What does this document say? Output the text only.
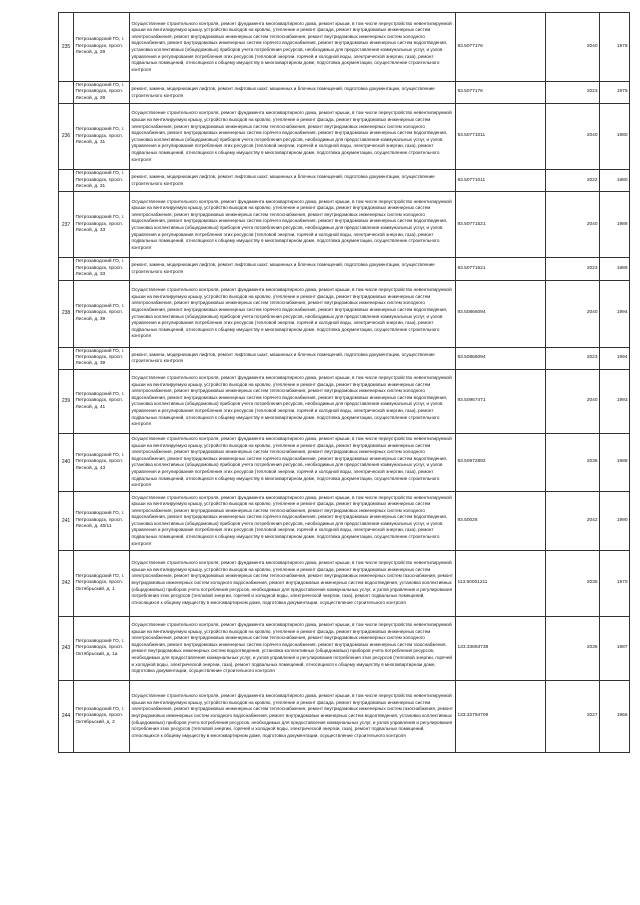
235	Петрозаводский ГО, г. Петрозаводск, просп. Лесной, д. 29	Осуществление строительного контроля, ремонт фундамента многоквартирного дома, ремонт крыши, в том числе переустройство невентилируемой крыши на вентилируемую крышу, устройство выходов на кровлю, утепление и ремонт фасада, ремонт внутридомовых инженерных систем электроснабжения, ремонт внутридомовых инженерных систем теплоснабжения, ремонт внутридомовых инженерных систем холодного водоснабжения, ремонт внутридомовых инженерных систем горячего водоснабжения, ремонт внутридомовых инженерных систем водоотведения, установка коллективных (общедомовых) приборов учета потребления ресурсов, необходимых для предоставления коммунальных услуг, и узлов управления и регулирования потребления этих ресурсов (тепловой энергии, горячей и холодной воды, электрической энергии, газа), ремонт подвальных помещений, относящихся к общему имуществу в многоквартирном доме, подготовка документации, осуществление строительного контроля	93.5077176	2040	1979
	Петрозаводский ГО, г. Петрозаводск, просп. Лесной, д. 29	ремонт, замена, модернизация лифтов, ремонт лифтовых шахт, машинных и блочных помещений, подготовка документации, осуществление строительного контроля	93.5077176	2023	1979
236	Петрозаводский ГО, г. Петрозаводск, просп. Лесной, д. 31	Осуществление строительного контроля, ремонт фундамента многоквартирного дома, ремонт крыши, в том числе переустройство невентилируемой крыши на вентилируемую крышу, устройство выходов на кровлю, утепление и ремонт фасада, ремонт внутридомовых инженерных систем электроснабжения, ремонт внутридомовых инженерных систем теплоснабжения, ремонт внутридомовых инженерных систем холодного водоснабжения, ремонт внутридомовых инженерных систем горячего водоснабжения, ремонт внутридомовых инженерных систем водоотведения, установка коллективных (общедомовых) приборов учета потребления ресурсов, необходимых для предоставления коммунальных услуг, и узлов управления и регулирования потребления этих ресурсов (тепловой энергии, горячей и холодной воды, электрической энергии, газа), ремонт подвальных помещений, относящихся к общему имуществу в многоквартирном доме, подготовка документации, осуществление строительного контроля	93.50771011	2040	1980
	Петрозаводский ГО, г. Петрозаводск, просп. Лесной, д. 31	ремонт, замена, модернизация лифтов, ремонт лифтовых шахт, машинных и блочных помещений, подготовка документации, осуществление строительного контроля	93.50771011	2022	1980
237	Петрозаводский ГО, г. Петрозаводск, просп. Лесной, д. 33	Осуществление строительного контроля, ремонт фундамента многоквартирного дома, ремонт крыши, в том числе переустройство невентилируемой крыши на вентилируемую крышу, устройство выходов на кровлю, утепление и ремонт фасада, ремонт внутридомовых инженерных систем электроснабжения, ремонт внутридомовых инженерных систем теплоснабжения, ремонт внутридомовых инженерных систем холодного водоснабжения, ремонт внутридомовых инженерных систем горячего водоснабжения, ремонт внутридомовых инженерных систем водоотведения, установка коллективных (общедомовых) приборов учета потребления ресурсов, необходимых для предоставления коммунальных услуг, и узлов управления и регулирования потребления этих ресурсов (тепловой энергии, горячей и холодной воды, электрической энергии, газа), ремонт подвальных помещений, относящихся к общему имуществу в многоквартирном доме, подготовка документации, осуществление строительного контроля	93.50771521	2040	1989
	Петрозаводский ГО, г. Петрозаводск, просп. Лесной, д. 33	ремонт, замена, модернизация лифтов, ремонт лифтовых шахт, машинных и блочных помещений, подготовка документации, осуществление строительного контроля	93.50771521	2023	1989
238	Петрозаводский ГО, г. Петрозаводск, просп. Лесной, д. 39	Осуществление строительного контроля, ремонт фундамента многоквартирного дома, ремонт крыши, в том числе переустройство невентилируемой крыши на вентилируемую крышу, устройство выходов на кровлю, утепление и ремонт фасада, ремонт внутридомовых инженерных систем электроснабжения, ремонт внутридомовых инженерных систем теплоснабжения, ремонт внутридомовых инженерных систем холодного водоснабжения, ремонт внутридомовых инженерных систем горячего водоснабжения, ремонт внутридомовых инженерных систем водоотведения, установка коллективных (общедомовых) приборов учета потребления ресурсов, необходимых для предоставления коммунальных услуг, и узлов управления и регулирования потребления этих ресурсов (тепловой энергии, горячей и холодной воды, электрической энергии, газа), ремонт подвальных помещений, относящихся к общему имуществу в многоквартирном доме, подготовка документации, осуществление строительного контроля	93.50866094	2040	1994
	Петрозаводский ГО, г. Петрозаводск, просп. Лесной, д. 39	ремонт, замена, модернизация лифтов, ремонт лифтовых шахт, машинных и блочных помещений, подготовка документации, осуществление строительного контроля	93.50866094	2023	1994
239	Петрозаводский ГО, г. Петрозаводск, просп. Лесной, д. 41	Осуществление строительного контроля, ремонт фундамента многоквартирного дома, ремонт крыши, в том числе переустройство невентилируемой крыши на вентилируемую крышу, устройство выходов на кровлю, утепление и ремонт фасада, ремонт внутридомовых инженерных систем электроснабжения, ремонт внутридомовых инженерных систем теплоснабжения, ремонт внутридомовых инженерных систем холодного водоснабжения, ремонт внутридомовых инженерных систем горячего водоснабжения, ремонт внутридомовых инженерных систем водоотведения, установка коллективных (общедомовых) приборов учета потребления ресурсов, необходимых для предоставления коммунальных услуг, и узлов управления и регулирования потребления этих ресурсов (тепловой энергии, горячей и холодной воды, электрической энергии, газа), ремонт подвальных помещений, относящихся к общему имуществу в многоквартирном доме, подготовка документации, осуществление строительного контроля	93.50967471	2040	1993
240	Петрозаводский ГО, г. Петрозаводск, просп. Лесной, д. 43	Осуществление строительного контроля, ремонт фундамента многоквартирного дома, ремонт крыши, в том числе переустройство невентилируемой крыши на вентилируемую крышу, устройство выходов на кровлю, утепление и ремонт фасада, ремонт внутридомовых инженерных систем электроснабжения, ремонт внутридомовых инженерных систем теплоснабжения, ремонт внутридомовых инженерных систем холодного водоснабжения, ремонт внутридомовых инженерных систем горячего водоснабжения, ремонт внутридомовых инженерных систем водоотведения, установка коллективных (общедомовых) приборов учета потребления ресурсов, необходимых для предоставления коммунальных услуг, и узлов управления и регулирования потребления этих ресурсов (тепловой энергии, горячей и холодной воды, электрической энергии, газа), ремонт подвальных помещений, относящихся к общему имуществу в многоквартирном доме, подготовка документации, осуществление строительного контроля	93.50972892	2036	1988
241	Петрозаводский ГО, г. Петрозаводск, просп. Лесной, д. 45/11	Осуществление строительного контроля, ремонт фундамента многоквартирного дома, ремонт крыши, в том числе переустройство невентилируемой крыши на вентилируемую крышу, устройство выходов на кровлю, утепление и ремонт фасада, ремонт внутридомовых инженерных систем электроснабжения, ремонт внутридомовых инженерных систем теплоснабжения, ремонт внутридомовых инженерных систем холодного водоснабжения, ремонт внутридомовых инженерных систем горячего водоснабжения, ремонт внутридомовых инженерных систем водоотведения, установка коллективных (общедомовых) приборов учета потребления ресурсов, необходимых для предоставления коммунальных услуг, и узлов управления и регулирования потребления этих ресурсов (тепловой энергии, горячей и холодной воды, электрической энергии, газа), ремонт подвальных помещений, относящихся к общему имуществу в многоквартирном доме, подготовка документации, осуществление строительного контроля	93.50026	2042	1990
242	Петрозаводский ГО, г. Петрозаводск, просп. Октябрьский, д. 1	Осуществление строительного контроля, ремонт фундамента многоквартирного дома, ремонт крыши, в том числе переустройство невентилируемой крыши на вентилируемую крышу, устройство выходов на кровлю, утепление и ремонт фасада, ремонт внутридомовых инженерных систем электроснабжения, ремонт внутридомовых инженерных систем теплоснабжения, ремонт внутридомовых инженерных систем газоснабжения, ремонт внутридомовых инженерных систем холодного водоснабжения, ремонт внутридомовых инженерных систем водоотведения, установка коллективных (общедомовых) приборов учета потребления ресурсов, необходимых для предоставления коммунальных услуг, и узлов управления и регулирования потребления этих ресурсов (тепловой энергии, горячей и холодной воды, электрической энергии, газа), ремонт подвальных помещений, относящихся к общему имуществу в многоквартирном доме, подготовка документации, осуществление строительного контроля	113.50001211	2036	1970
243	Петрозаводский ГО, г. Петрозаводск, просп. Октябрьский, д. 1а	Осуществление строительного контроля, ремонт фундамента многоквартирного дома, ремонт крыши, в том числе переустройство невентилируемой крыши на вентилируемую крышу, устройство выходов на кровлю, утепление и ремонт фасада, ремонт внутридомовых инженерных систем электроснабжения, ремонт внутридомовых инженерных систем теплоснабжения, ремонт внутридомовых инженерных систем холодного водоснабжения, ремонт внутридомовых инженерных систем горячего водоснабжения, ремонт внутридомовых инженерных систем газоснабжения, ремонт внутридомовых инженерных систем водоотведения, установка коллективных (общедомовых) приборов учета потребления ресурсов, необходимых для предоставления коммунальных услуг, и узлов управления и регулирования потребления этих ресурсов (тепловой энергии, горячей и холодной воды, электрической энергии, газа), ремонт подвальных помещений, относящихся к общему имуществу в многоквартирном доме, подготовка документации, осуществление строительного контроля	133.33893738	2036	1987
244	Петрозаводский ГО, г. Петрозаводск, просп. Октябрьский, д. 2	Осуществление строительного контроля, ремонт фундамента многоквартирного дома, ремонт крыши, в том числе переустройство невентилируемой крыши на вентилируемую крышу, устройство выходов на кровлю, утепление и ремонт фасада, ремонт внутридомовых инженерных систем электроснабжения, ремонт внутридомовых инженерных систем теплоснабжения, ремонт внутридомовых инженерных систем газоснабжения, ремонт внутридомовых инженерных систем холодного водоснабжения, ремонт внутридомовых инженерных систем водоотведения, установка коллективных (общедомовых) приборов учета потребления ресурсов, необходимых для предоставления коммунальных услуг, и узлов управления и регулирования потребления этих ресурсов (тепловой энергии, горячей и холодной воды, электрической энергии, газа), ремонт подвальных помещений, относящихся к общему имуществу в многоквартирном доме, подготовка документации, осуществление строительного контроля	133.32794709	2027	1966
